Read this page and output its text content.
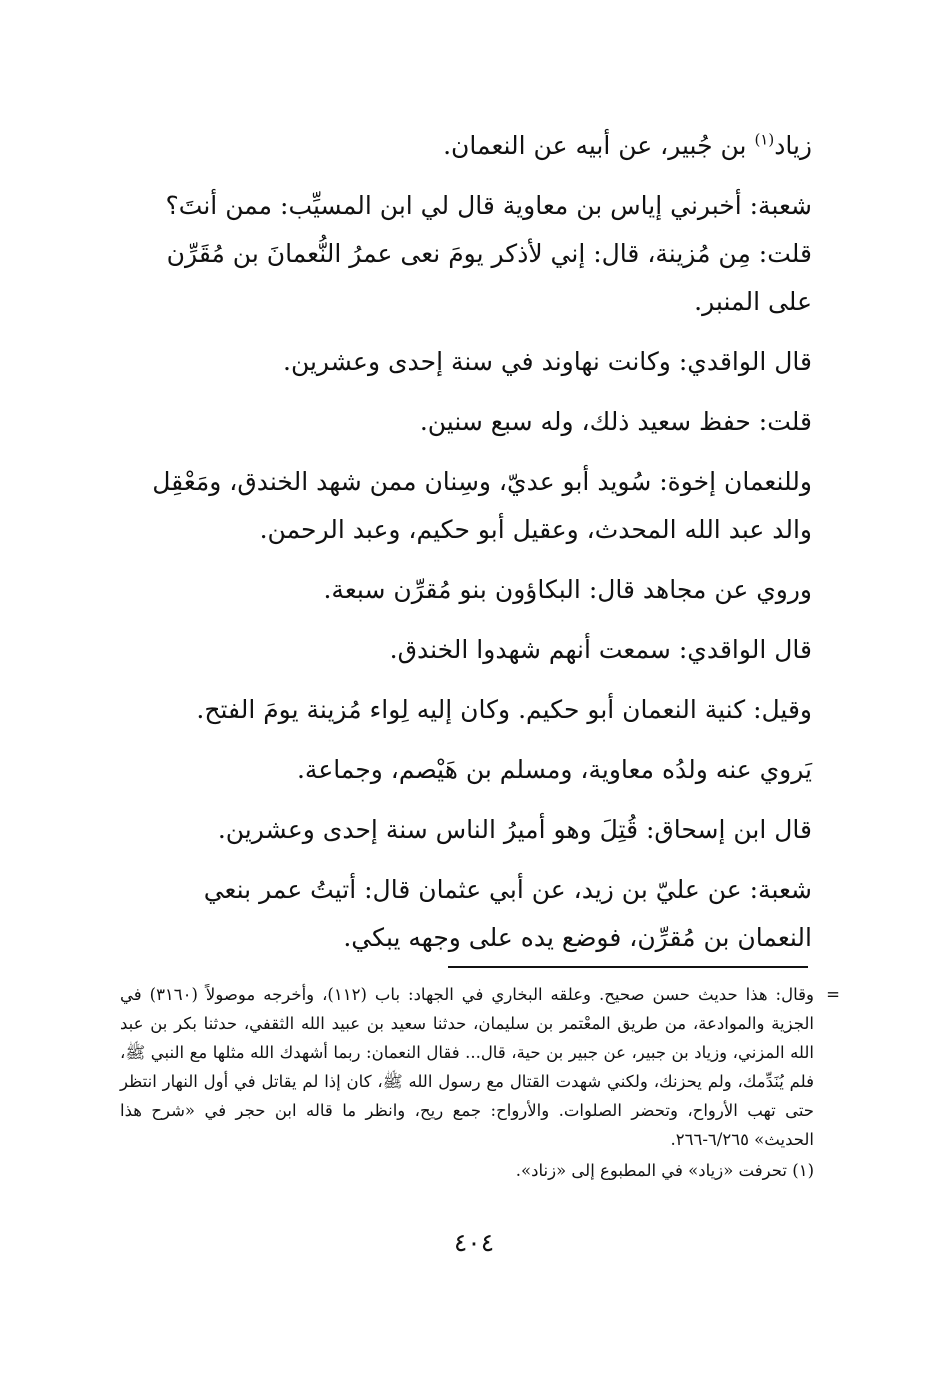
زياد$^{(١)}$ بن جُبير، عن أبيه عن النعمان.

شعبة: أخبرني إياس بن معاوية قال لي ابن المسيِّب: ممن أنتَ؟ قلت: مِن مُزينة، قال: إني لأذكر يومَ نعى عمرُ النُّعمانَ بن مُقَرِّن على المنبر.

قال الواقدي: وكانت نهاوند في سنة إحدى وعشرين.

قلت: حفظ سعيد ذلك، وله سبع سنين.

وللنعمان إخوة: سُويد أبو عديّ، وسِنان ممن شهد الخندق، ومَعْقِل والد عبد الله المحدث، وعقيل أبو حكيم، وعبد الرحمن.

وروي عن مجاهد قال: البكاؤون بنو مُقرِّن سبعة.

قال الواقدي: سمعت أنهم شهدوا الخندق.

وقيل: كنية النعمان أبو حكيم. وكان إليه لِواء مُزينة يومَ الفتح.

يَروي عنه ولدُه معاوية، ومسلم بن هَيْصم، وجماعة.

قال ابن إسحاق: قُتِلَ وهو أميرُ الناس سنة إحدى وعشرين.

شعبة: عن عليّ بن زيد، عن أبي عثمان قال: أتيتُ عمر بنعي النعمان بن مُقرِّن، فوضع يده على وجهه يبكي.

=
وقال: هذا حديث حسن صحيح. وعلقه البخاري في الجهاد: باب (١١٢)، وأخرجه موصولاً (٣١٦٠) في الجزية والموادعة، من طريق المعْتمر بن سليمان، حدثنا سعيد بن عبيد الله الثقفي، حدثنا بكر بن عبد الله المزني، وزياد بن جبير، عن جبير بن حية، قال... فقال النعمان: ربما أشهدك الله مثلها مع النبي ﷺ، فلم يُنَدِّمك، ولم يحزنك، ولكني شهدت القتال مع رسول الله ﷺ، كان إذا لم يقاتل في أول النهار انتظر حتى تهب الأرواح، وتحضر الصلوات. والأرواح: جمع ريح، وانظر ما قاله ابن حجر في «شرح هذا الحديث» ٦/٢٦٥-٢٦٦.

(١) تحرفت «زياد» في المطبوع إلى «زناد».

٤٠٤
